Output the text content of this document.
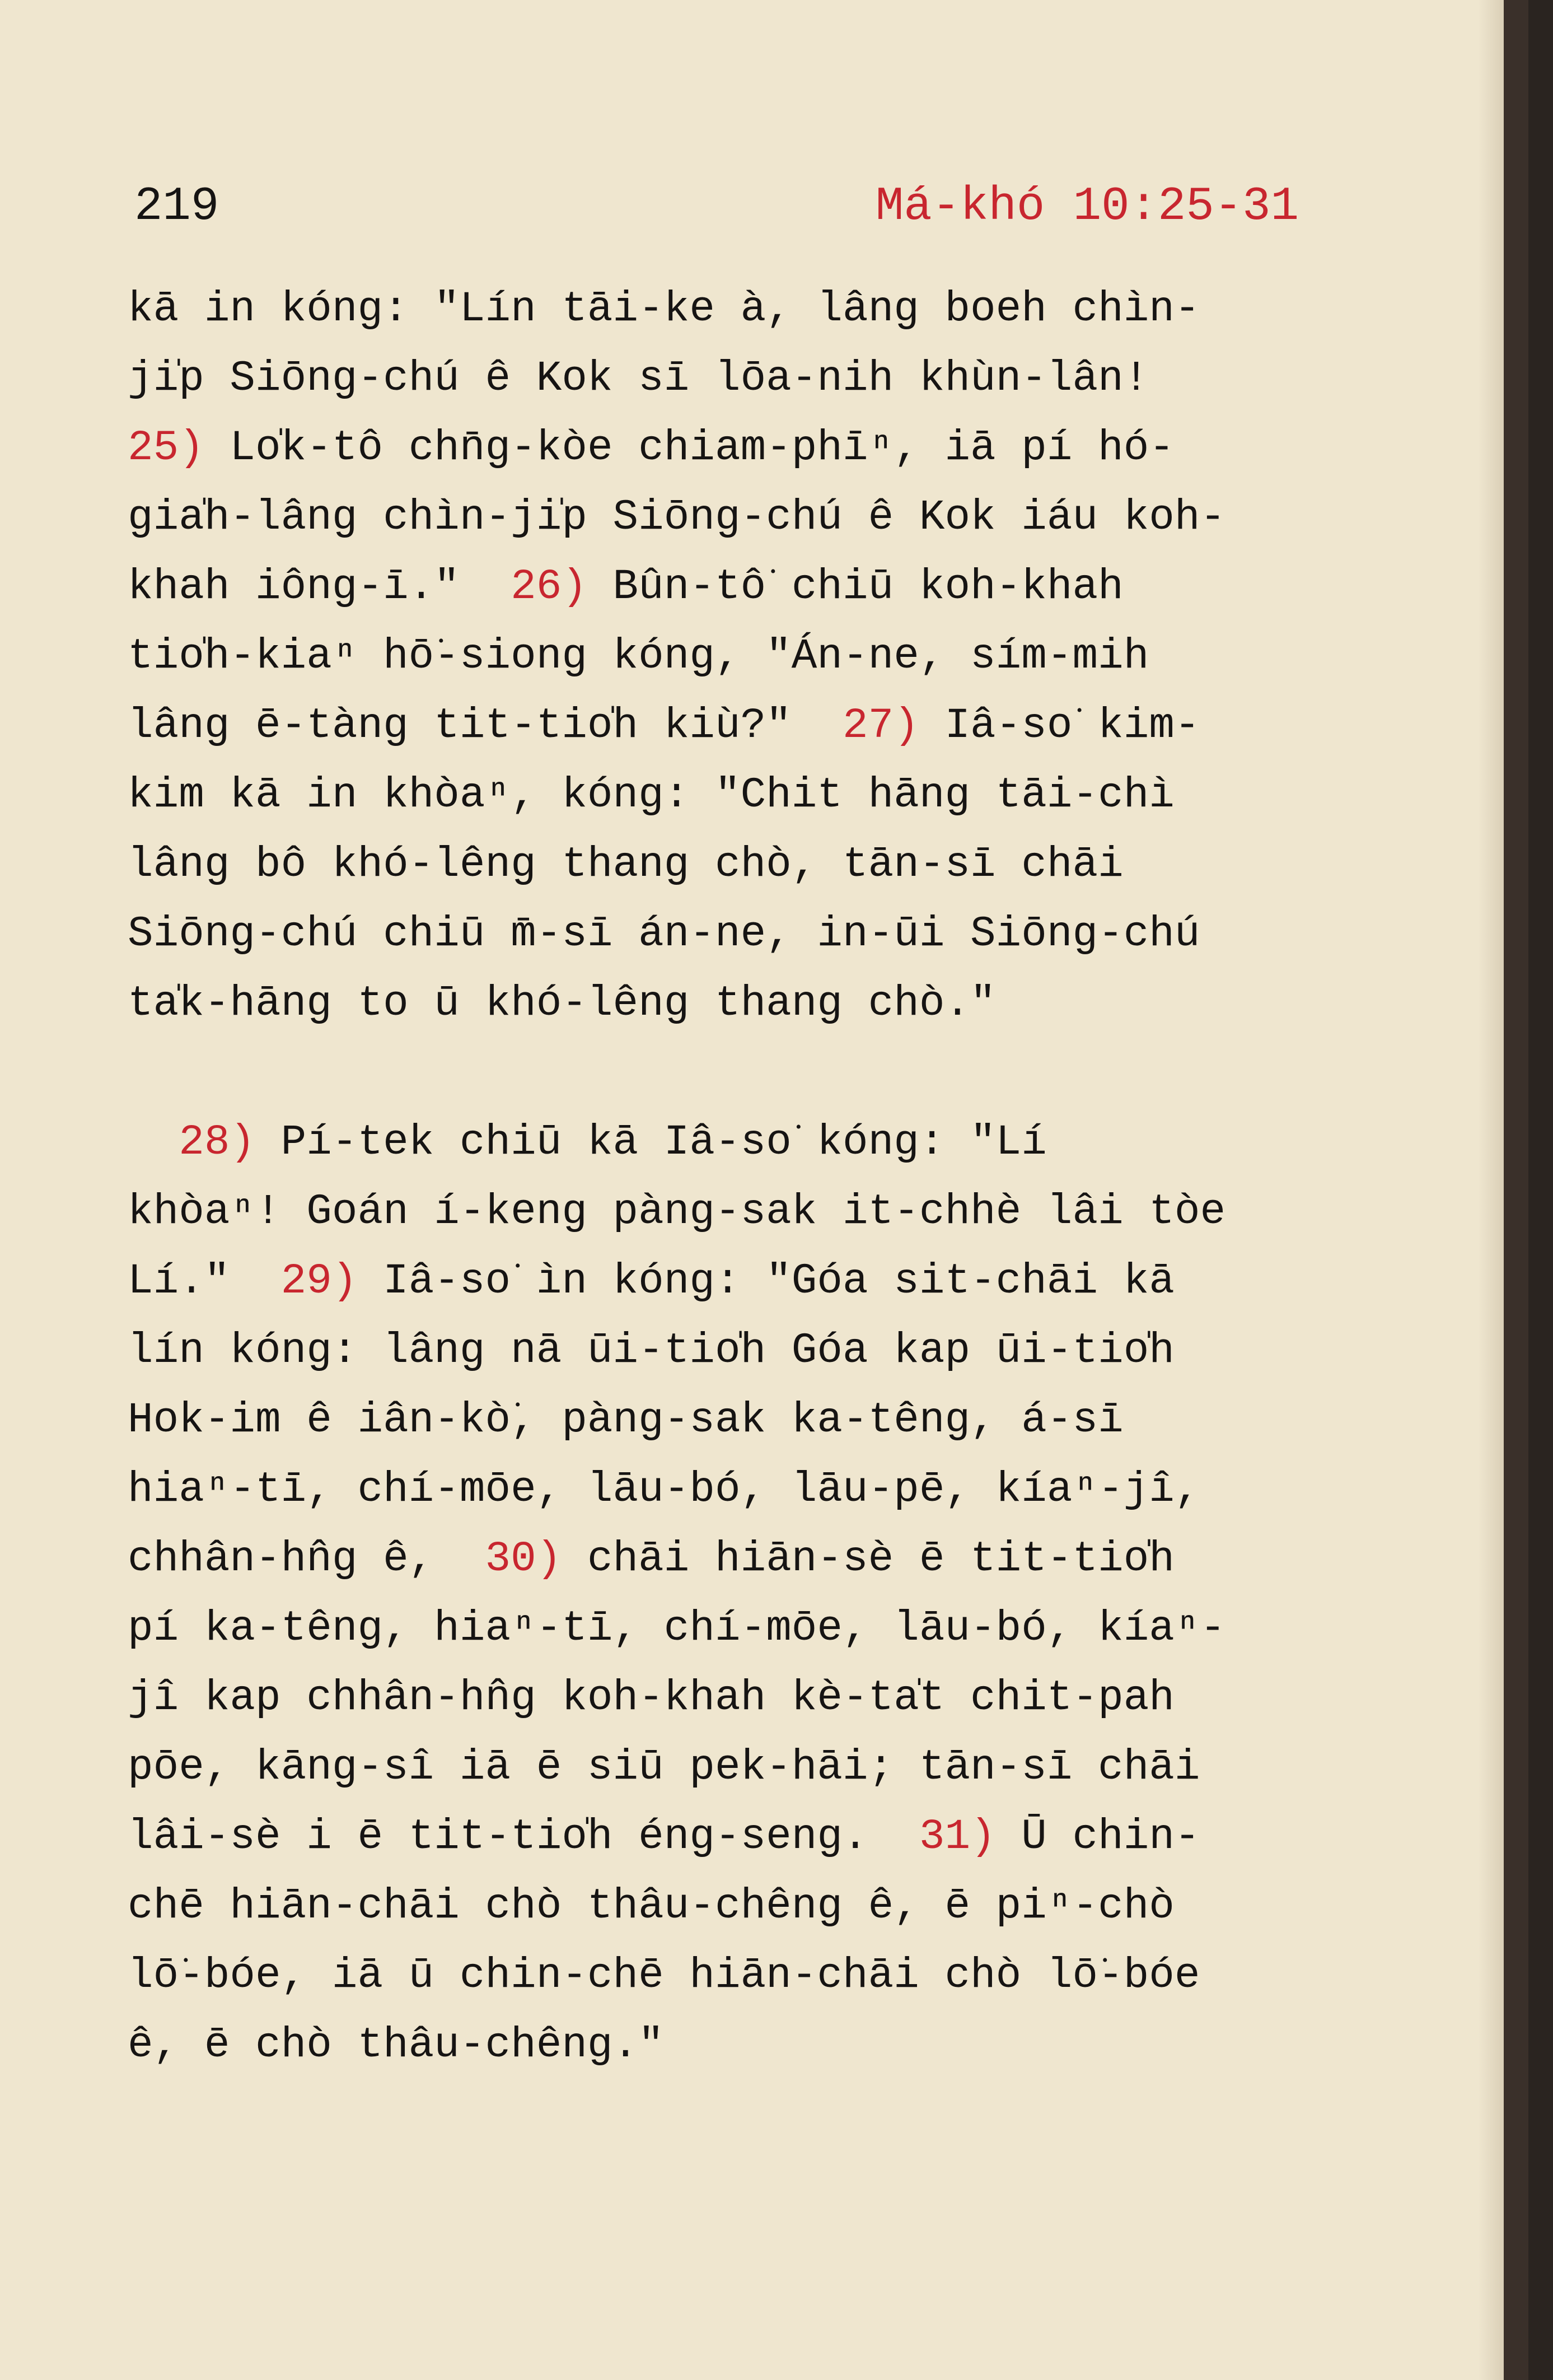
219	Má-khó 10:25-31
kā in kóng: "Lín tāi-ke à, lâng boeh chìn-
ji̍p Siōng-chú ê Kok sī lōa-nih khùn-lân!
25) Lo̍k-tô chn̄g-kòe chiam-phīⁿ, iā pí hó-
gia̍h-lâng chìn-ji̍p Siōng-chú ê Kok iáu koh-
khah iông-ī."  26) Bûn-tô͘ chiū koh-khah
tio̍h-kiaⁿ hō͘-siong kóng, "Án-ne, sím-mih
lâng ē-tàng tit-tio̍h kiù?"  27) Iâ-so͘ kim-
kim kā in khòaⁿ, kóng: "Chit hāng tāi-chì
lâng bô khó-lêng thang chò, tān-sī chāi
Siōng-chú chiū m̄-sī án-ne, in-ūi Siōng-chú
ta̍k-hāng to ū khó-lêng thang chò."
28) Pí-tek chiū kā Iâ-so͘ kóng: "Lí
khòaⁿ! Goán í-keng pàng-sak it-chhè lâi tòe
Lí."  29) Iâ-so͘ ìn kóng: "Góa sit-chāi kā
lín kóng: lâng nā ūi-tio̍h Góa kap ūi-tio̍h
Hok-im ê iân-kò͘, pàng-sak ka-têng, á-sī
hiaⁿ-tī, chí-mōe, lāu-bó, lāu-pē, kíaⁿ-jî,
chhân-hn̂g ê,  30) chāi hiān-sè ē tit-tio̍h
pí ka-têng, hiaⁿ-tī, chí-mōe, lāu-bó, kíaⁿ-
jî kap chhân-hn̂g koh-khah kè-ta̍t chit-pah
pōe, kāng-sî iā ē siū pek-hāi; tān-sī chāi
lâi-sè i ē tit-tio̍h éng-seng.  31) Ū chin-
chē hiān-chāi chò thâu-chêng ê, ē piⁿ-chò
lō͘-bóe, iā ū chin-chē hiān-chāi chò lō͘-bóe
ê, ē chò thâu-chêng."
